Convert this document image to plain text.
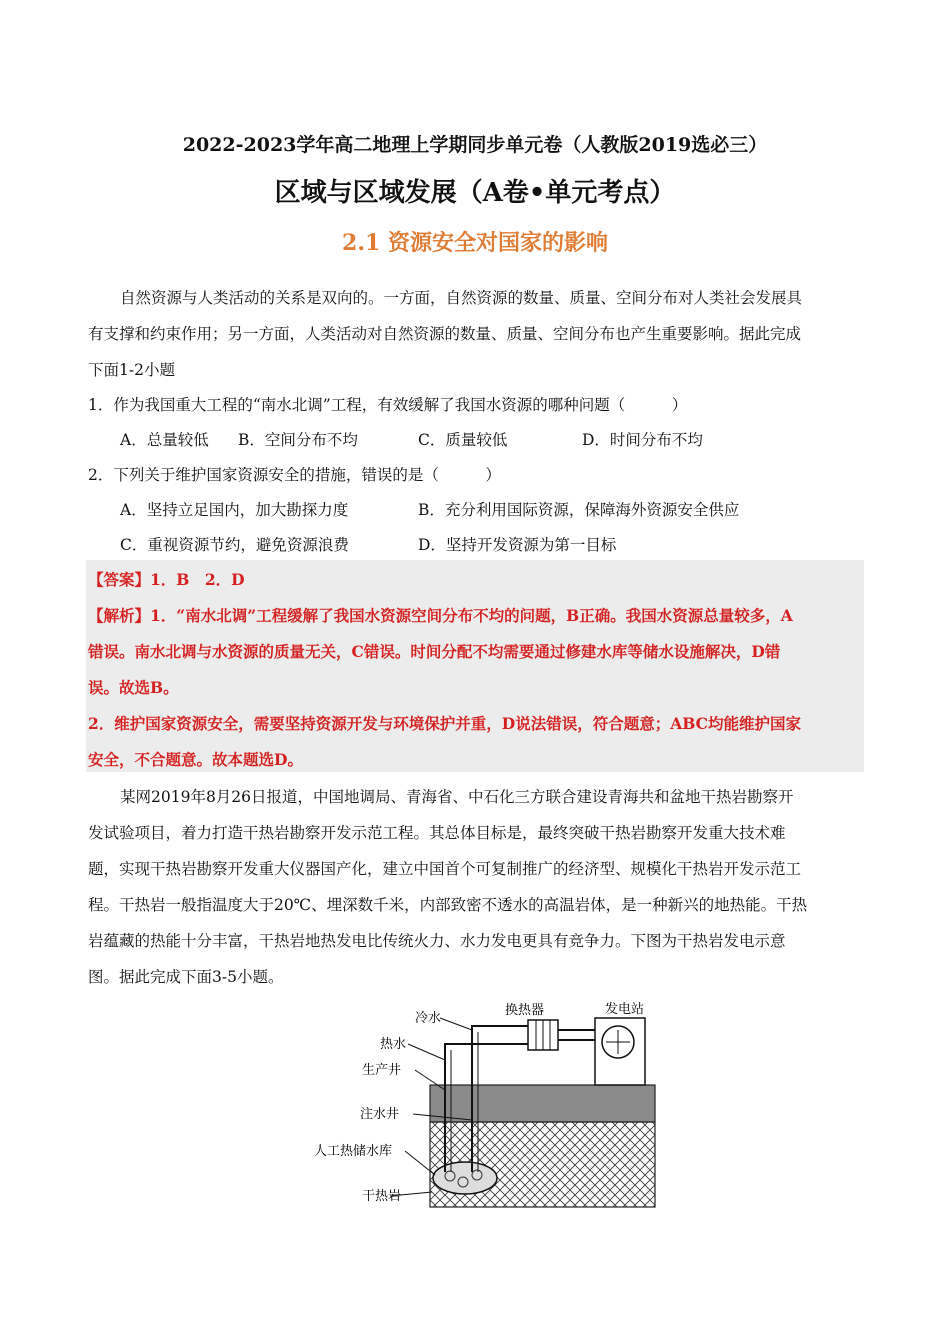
2022-2023学年高二地理上学期同步单元卷（人教版2019选必三）
区域与区域发展（A卷•单元考点）
2.1 资源安全对国家的影响
自然资源与人类活动的关系是双向的。一方面，自然资源的数量、质量、空间分布对人类社会发展具
有支撑和约束作用；另一方面，人类活动对自然资源的数量、质量、空间分布也产生重要影响。据此完成
下面1-2小题
1．作为我国重大工程的“南水北调”工程，有效缓解了我国水资源的哪种问题（　　　）
A．总量较低 B．空间分布不均	C．质量较低	D．时间分布不均
2．下列关于维护国家资源安全的措施，错误的是（　　　）
A．坚持立足国内，加大勘探力度	B．充分利用国际资源，保障海外资源安全供应
C．重视资源节约，避免资源浪费	D．坚持开发资源为第一目标
【答案】1．B　2．D
【解析】1．“南水北调”工程缓解了我国水资源空间分布不均的问题，B正确。我国水资源总量较多，A
错误。南水北调与水资源的质量无关，C错误。时间分配不均需要通过修建水库等储水设施解决，D错
误。故选B。
2．维护国家资源安全，需要坚持资源开发与环境保护并重，D说法错误，符合题意；ABC均能维护国家
安全，不合题意。故本题选D。
某网2019年8月26日报道，中国地调局、青海省、中石化三方联合建设青海共和盆地干热岩勘察开
发试验项目，着力打造干热岩勘察开发示范工程。其总体目标是，最终突破干热岩勘察开发重大技术难
题，实现干热岩勘察开发重大仪器国产化，建立中国首个可复制推广的经济型、规模化干热岩开发示范工
程。干热岩一般指温度大于20℃、埋深数千米，内部致密不透水的高温岩体，是一种新兴的地热能。干热
岩蕴藏的热能十分丰富，干热岩地热发电比传统火力、水力发电更具有竞争力。下图为干热岩发电示意
图。据此完成下面3-5小题。
冷水
换热器	发电站
热水
生产井
注水井
人工热储水库
干热岩
